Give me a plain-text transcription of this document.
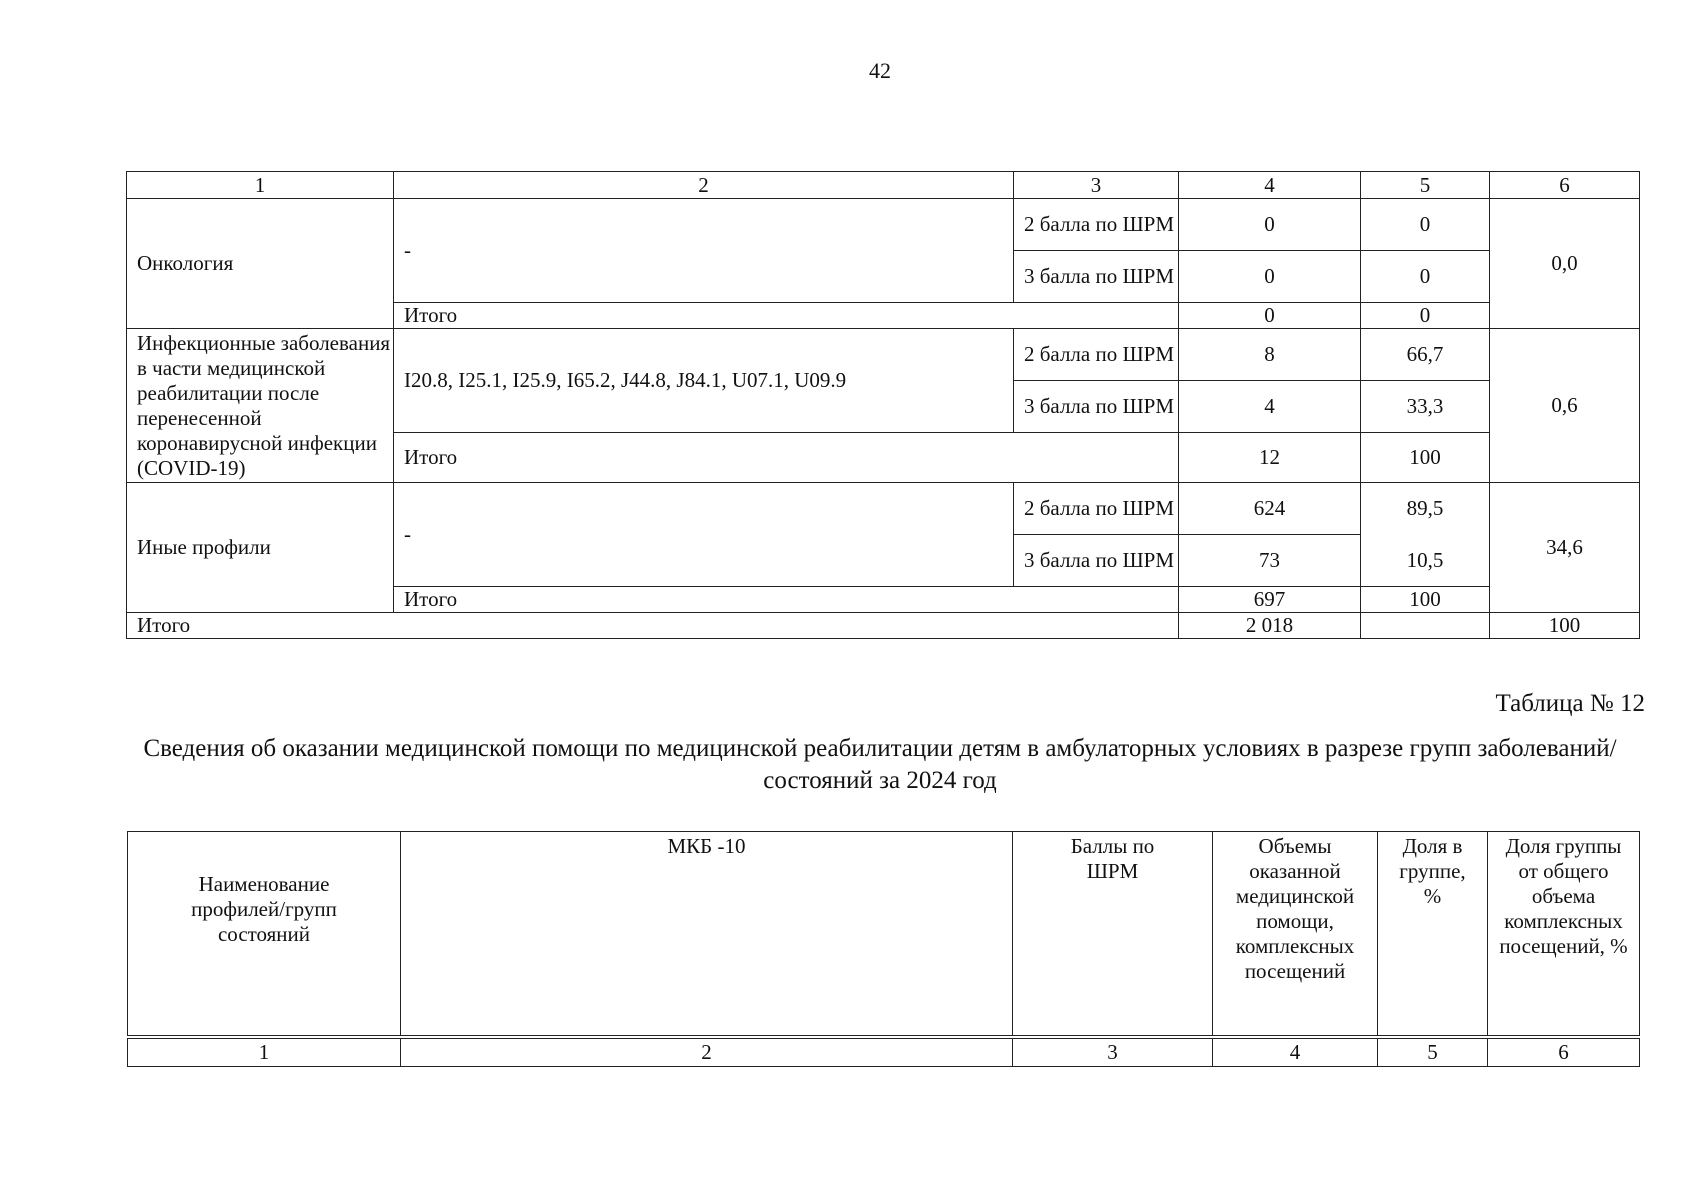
42
1	2	3	4	5	6
Онкология	-	2 балла по ШРМ	0	0	0,0
		3 балла по ШРМ	0	0	
	Итого		0	0	
Инфекционные заболевания в части медицинской реабилитации после перенесенной коронавирусной инфекции (COVID-19)	I20.8, I25.1, I25.9, I65.2, J44.8, J84.1, U07.1, U09.9	2 балла по ШРМ	8	66,7	0,6
		3 балла по ШРМ	4	33,3	
	Итого		12	100	
Иные профили	-	2 балла по ШРМ	624	89,5	34,6
		3 балла по ШРМ	73	10,5	
	Итого		697	100	
Итого			2 018		100
Таблица № 12
Сведения об оказании медицинской помощи по медицинской реабилитации детям в амбулаторных условиях в разрезе групп заболеваний/состояний за 2024 год
Наименование профилей/групп состояний	МКБ -10	Баллы по ШРМ	Объемы оказанной медицинской помощи, комплексных посещений	Доля в группе, %	Доля группы от общего объема комплексных посещений, %
1	2	3	4	5	6
